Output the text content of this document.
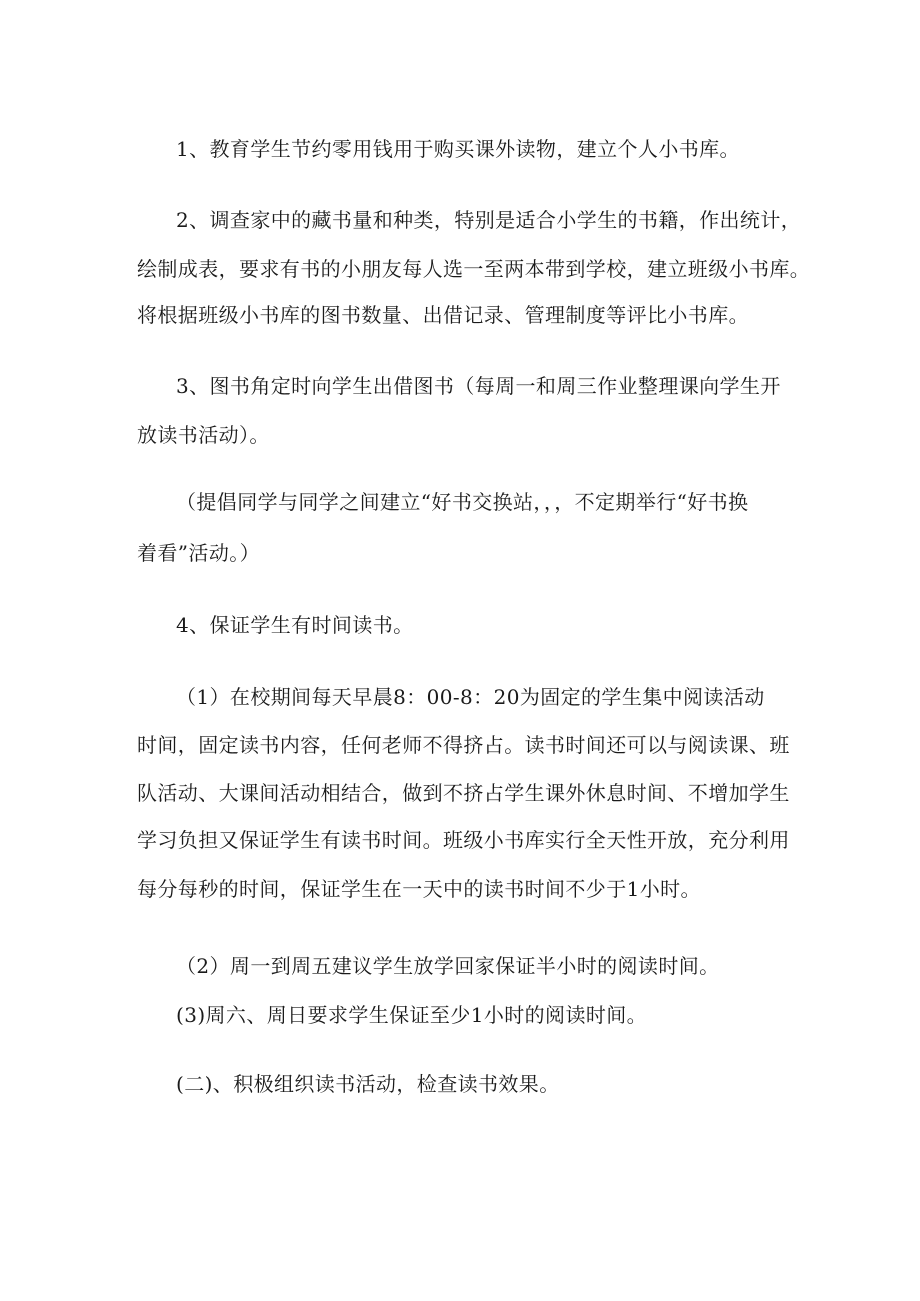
1、教育学生节约零用钱用于购买课外读物，建立个人小书库。
2、调查家中的藏书量和种类，特别是适合小学生的书籍，作出统计，
绘制成表，要求有书的小朋友每人选一至两本带到学校，建立班级小书库。
将根据班级小书库的图书数量、出借记录、管理制度等评比小书库。
3、图书角定时向学生出借图书（每周一和周三作业整理课向学生开
放读书活动）。
（提倡同学与同学之间建立“好书交换站，，，不定期举行“好书换
着看”活动。）
4、保证学生有时间读书。
（1）在校期间每天早晨8：00-8：20为固定的学生集中阅读活动
时间，固定读书内容，任何老师不得挤占。读书时间还可以与阅读课、班
队活动、大课间活动相结合，做到不挤占学生课外休息时间、不增加学生
学习负担又保证学生有读书时间。班级小书库实行全天性开放，充分利用
每分每秒的时间，保证学生在一天中的读书时间不少于1小时。
（2）周一到周五建议学生放学回家保证半小时的阅读时间。
(3)周六、周日要求学生保证至少1小时的阅读时间。
(二)、积极组织读书活动，检查读书效果。
